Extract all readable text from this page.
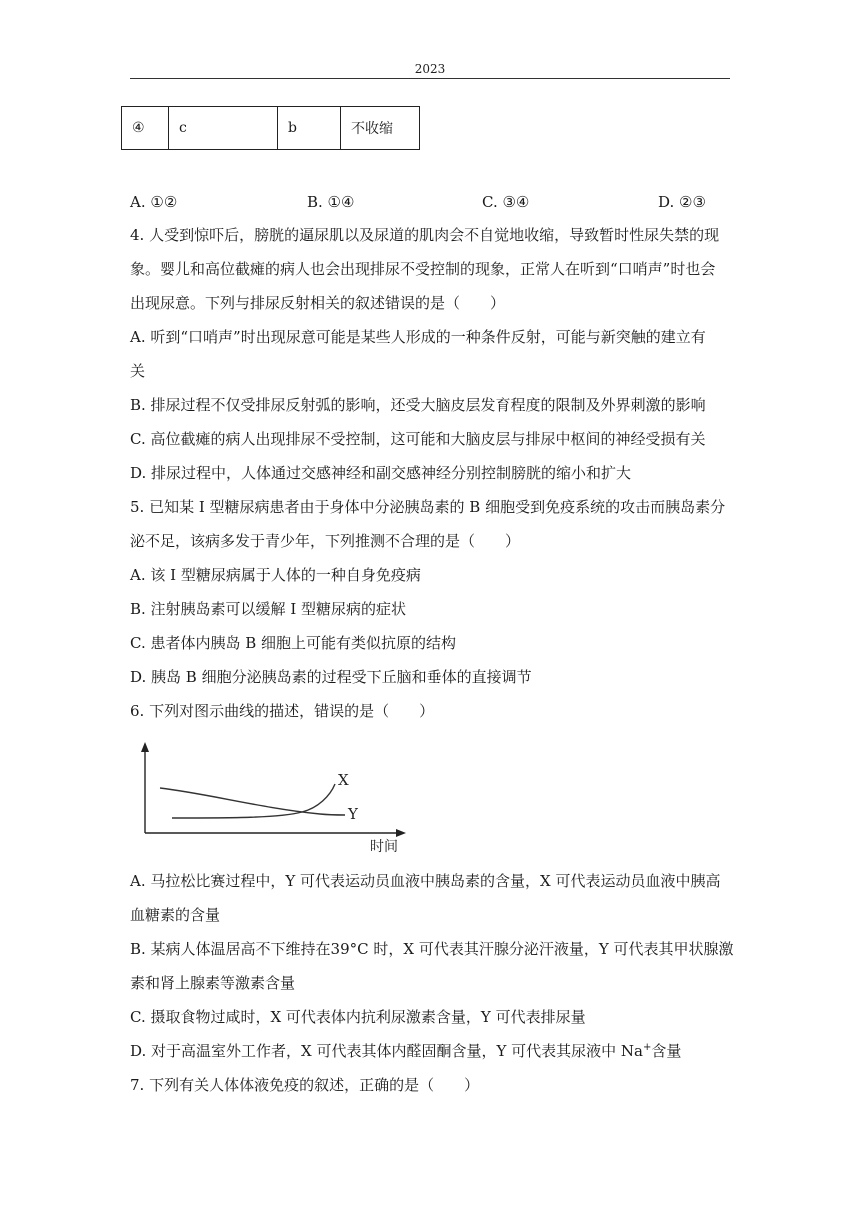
2023
④	c	b	不收缩
A. ①②	B. ①④	C. ③④	D. ②③
4. 人受到惊吓后，膀胱的逼尿肌以及尿道的肌肉会不自觉地收缩，导致暂时性尿失禁的现
象。婴儿和高位截瘫的病人也会出现排尿不受控制的现象，正常人在听到“口哨声”时也会
出现尿意。下列与排尿反射相关的叙述错误的是（　　）
A. 听到“口哨声”时出现尿意可能是某些人形成的一种条件反射，可能与新突触的建立有
关
B. 排尿过程不仅受排尿反射弧的影响，还受大脑皮层发育程度的限制及外界刺激的影响
C. 高位截瘫的病人出现排尿不受控制，这可能和大脑皮层与排尿中枢间的神经受损有关
D. 排尿过程中，人体通过交感神经和副交感神经分别控制膀胱的缩小和扩大
5. 已知某 I 型糖尿病患者由于身体中分泌胰岛素的 B 细胞受到免疫系统的攻击而胰岛素分
泌不足，该病多发于青少年，下列推测不合理的是（　　）
A. 该 I 型糖尿病属于人体的一种自身免疫病
B. 注射胰岛素可以缓解 I 型糖尿病的症状
C. 患者体内胰岛 B 细胞上可能有类似抗原的结构
D. 胰岛 B 细胞分泌胰岛素的过程受下丘脑和垂体的直接调节
6. 下列对图示曲线的描述，错误的是（　　）
X
Y
时间
A. 马拉松比赛过程中，Y 可代表运动员血液中胰岛素的含量，X 可代表运动员血液中胰高
血糖素的含量
B. 某病人体温居高不下维持在39°C 时，X 可代表其汗腺分泌汗液量，Y 可代表其甲状腺激
素和肾上腺素等激素含量
C. 摄取食物过咸时，X 可代表体内抗利尿激素含量，Y 可代表排尿量
D. 对于高温室外工作者，X 可代表其体内醛固酮含量，Y 可代表其尿液中 Na+含量
7. 下列有关人体体液免疫的叙述，正确的是（　　）
